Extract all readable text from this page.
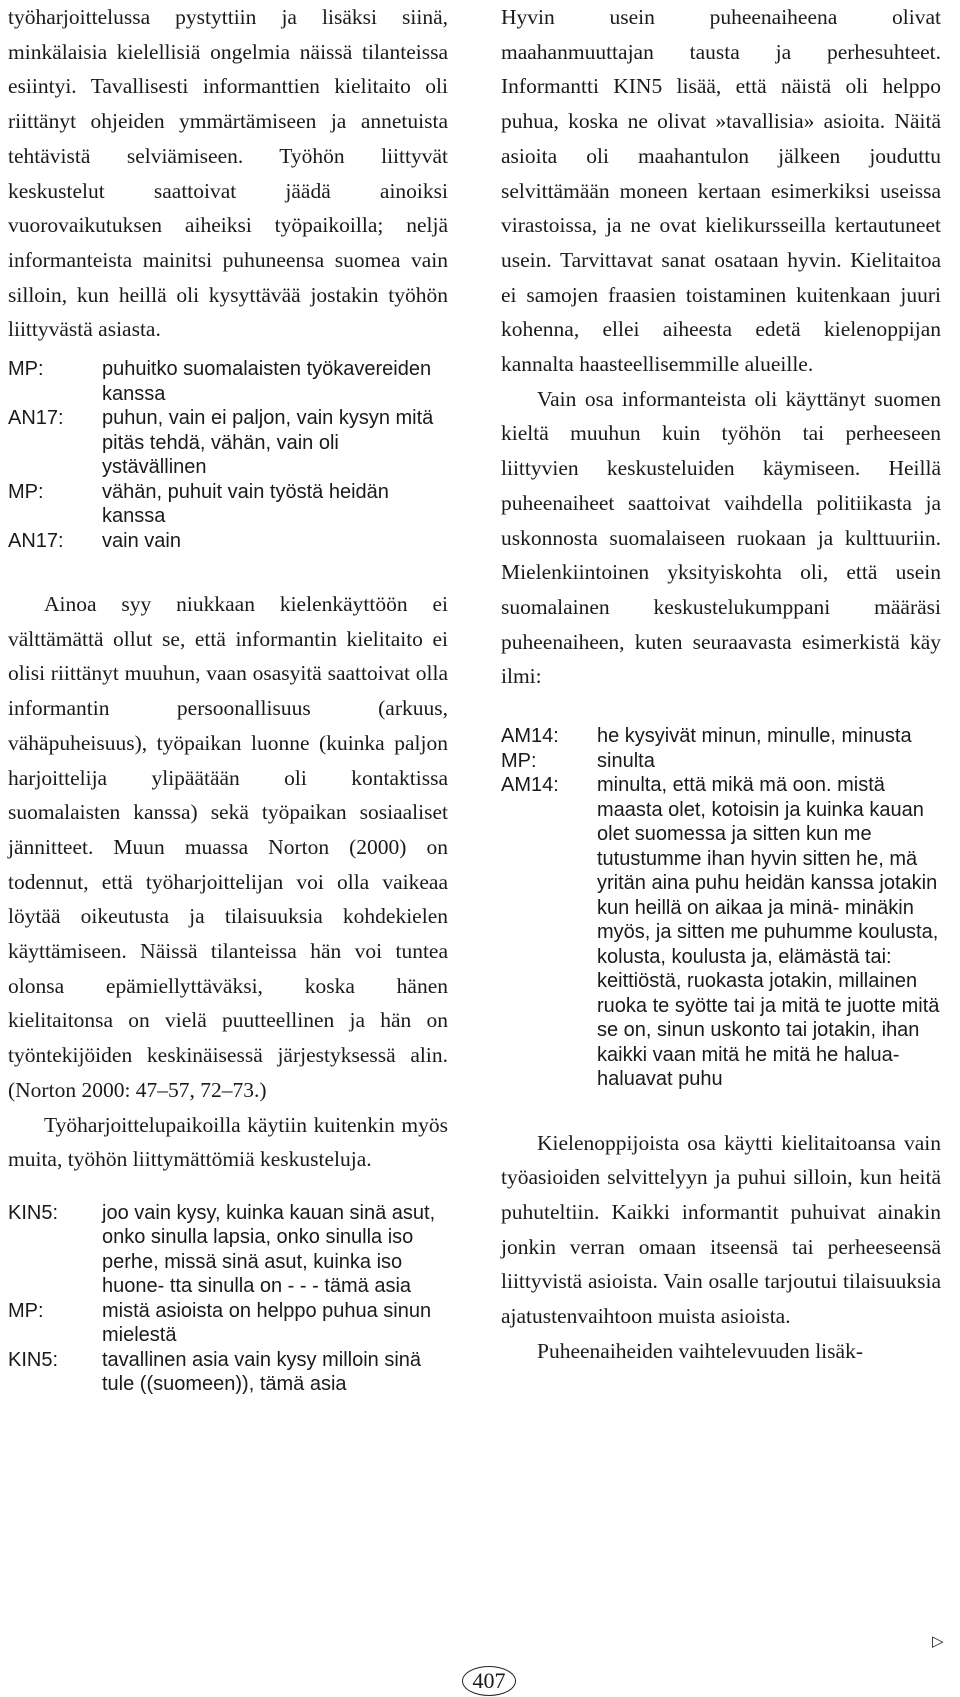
työharjoittelussa pystyttiin ja lisäksi siinä, minkälaisia kielellisiä ongelmia näissä tilanteissa esiintyi. Tavallisesti informanttien kielitaito oli riittänyt ohjeiden ymmärtämiseen ja annetuista tehtävistä selviämiseen. Työhön liittyvät keskustelut saattoivat jäädä ainoiksi vuorovaikutuksen aiheiksi työpaikoilla; neljä informanteista mainitsi puhuneensa suomea vain silloin, kun heillä oli kysyttävää jostakin työhön liittyvästä asiasta.

MP:	puhuitko suomalaisten työkavereiden kanssa
AN17:	puhun, vain ei paljon, vain kysyn mitä pitäs tehdä, vähän, vain oli ystävällinen
MP:	vähän, puhuit vain työstä heidän kanssa
AN17:	vain vain

Ainoa syy niukkaan kielenkäyttöön ei välttämättä ollut se, että informantin kielitaito ei olisi riittänyt muuhun, vaan osasyitä saattoivat olla informantin persoonallisuus (arkuus, vähäpuheisuus), työpaikan luonne (kuinka paljon harjoittelija ylipäätään oli kontaktissa suomalaisten kanssa) sekä työpaikan sosiaaliset jännitteet. Muun muassa Norton (2000) on todennut, että työharjoittelijan voi olla vaikeaa löytää oikeutusta ja tilaisuuksia kohdekielen käyttämiseen. Näissä tilanteissa hän voi tuntea olonsa epämiellyttäväksi, koska hänen kielitaitonsa on vielä puutteellinen ja hän on työntekijöiden keskinäisessä järjestyksessä alin. (Norton 2000: 47–57, 72–73.)

Työharjoittelupaikoilla käytiin kuitenkin myös muita, työhön liittymättömiä keskusteluja.

KIN5:	joo vain kysy, kuinka kauan sinä asut, onko sinulla lapsia, onko sinulla iso perhe, missä sinä asut, kuinka iso huone- tta sinulla on - - - tämä asia
MP:	mistä asioista on helppo puhua sinun mielestä
KIN5:	tavallinen asia vain kysy milloin sinä tule ((suomeen)), tämä asia

Hyvin usein puheenaiheena olivat maahanmuuttajan tausta ja perhesuhteet. Informantti KIN5 lisää, että näistä oli helppo puhua, koska ne olivat »tavallisia» asioita. Näitä asioita oli maahantulon jälkeen jouduttu selvittämään moneen kertaan esimerkiksi useissa virastoissa, ja ne ovat kielikursseilla kertautuneet usein. Tarvittavat sanat osataan hyvin. Kielitaitoa ei samojen fraasien toistaminen kuitenkaan juuri kohenna, ellei aiheesta edetä kielenoppijan kannalta haasteellisemmille alueille.

Vain osa informanteista oli käyttänyt suomen kieltä muuhun kuin työhön tai perheeseen liittyvien keskusteluiden käymiseen. Heillä puheenaiheet saattoivat vaihdella politiikasta ja uskonnosta suomalaiseen ruokaan ja kulttuuriin. Mielenkiintoinen yksityiskohta oli, että usein suomalainen keskustelukumppani määräsi puheenaiheen, kuten seuraavasta esimerkistä käy ilmi:

AM14:	he kysyivät minun, minulle, minusta
MP:	sinulta
AM14:	minulta, että mikä mä oon. mistä maasta olet, kotoisin ja kuinka kauan olet suomessa ja sitten kun me tutustumme ihan hyvin sitten he, mä yritän aina puhu heidän kanssa jotakin kun heillä on aikaa ja minä- minäkin myös, ja sitten me puhumme koulusta, kolusta, koulusta ja, elämästä tai: keittiöstä, ruokasta jotakin, millainen ruoka te syötte tai ja mitä te juotte mitä se on, sinun uskonto tai jotakin, ihan kaikki vaan mitä he mitä he halua- haluavat puhu

Kielenoppijoista osa käytti kielitaitoansa vain työasioiden selvittelyyn ja puhui silloin, kun heitä puhuteltiin. Kaikki informantit puhuivat ainakin jonkin verran omaan itseensä tai perheeseensä liittyvistä asioista. Vain osalle tarjoutui tilaisuuksia ajatustenvaihtoon muista asioista.

Puheenaiheiden vaihtelevuuden lisäk-

▷
407
